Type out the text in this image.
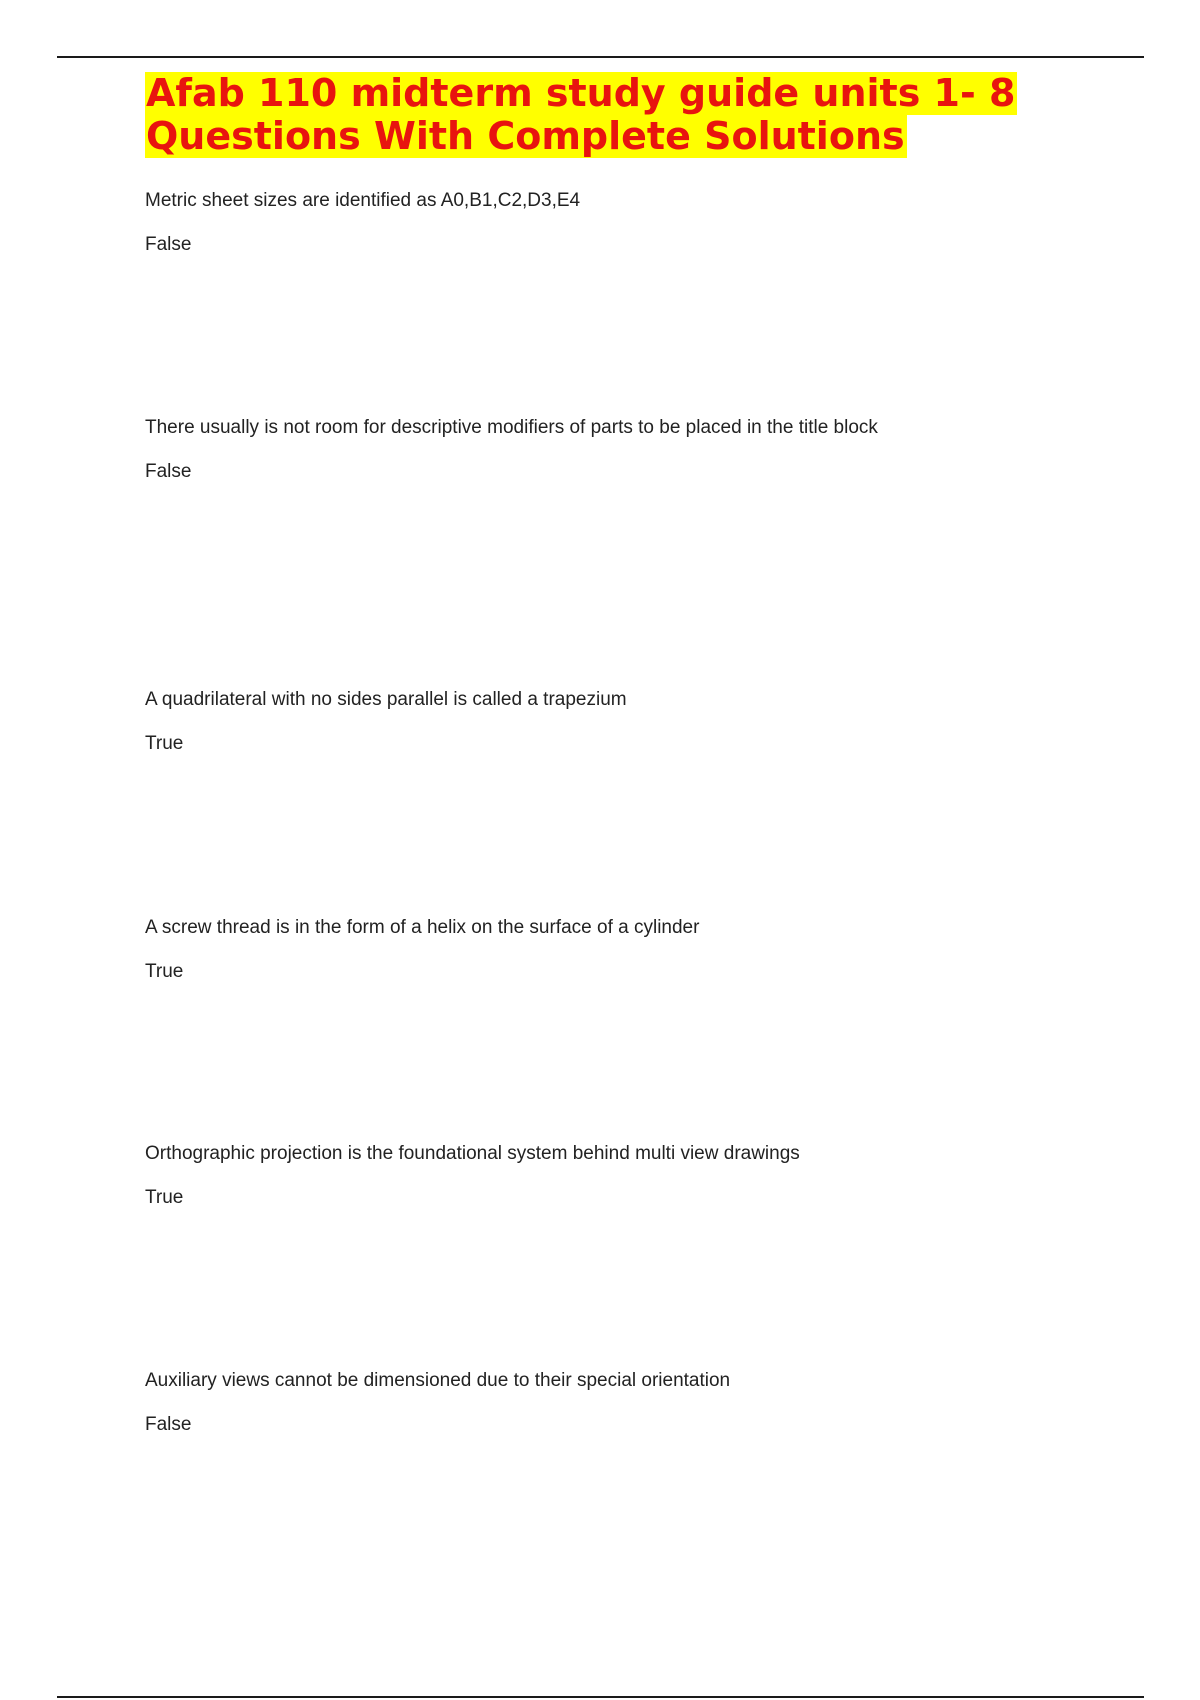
Afab 110 midterm study guide units 1- 8
Questions With Complete Solutions
Metric sheet sizes are identified as A0,B1,C2,D3,E4
False
There usually is not room for descriptive modifiers of parts to be placed in the title block
False
A quadrilateral with no sides parallel is called a trapezium
True
A screw thread is in the form of a helix on the surface of a cylinder
True
Orthographic projection is the foundational system behind multi view drawings
True
Auxiliary views cannot be dimensioned due to their special orientation
False
